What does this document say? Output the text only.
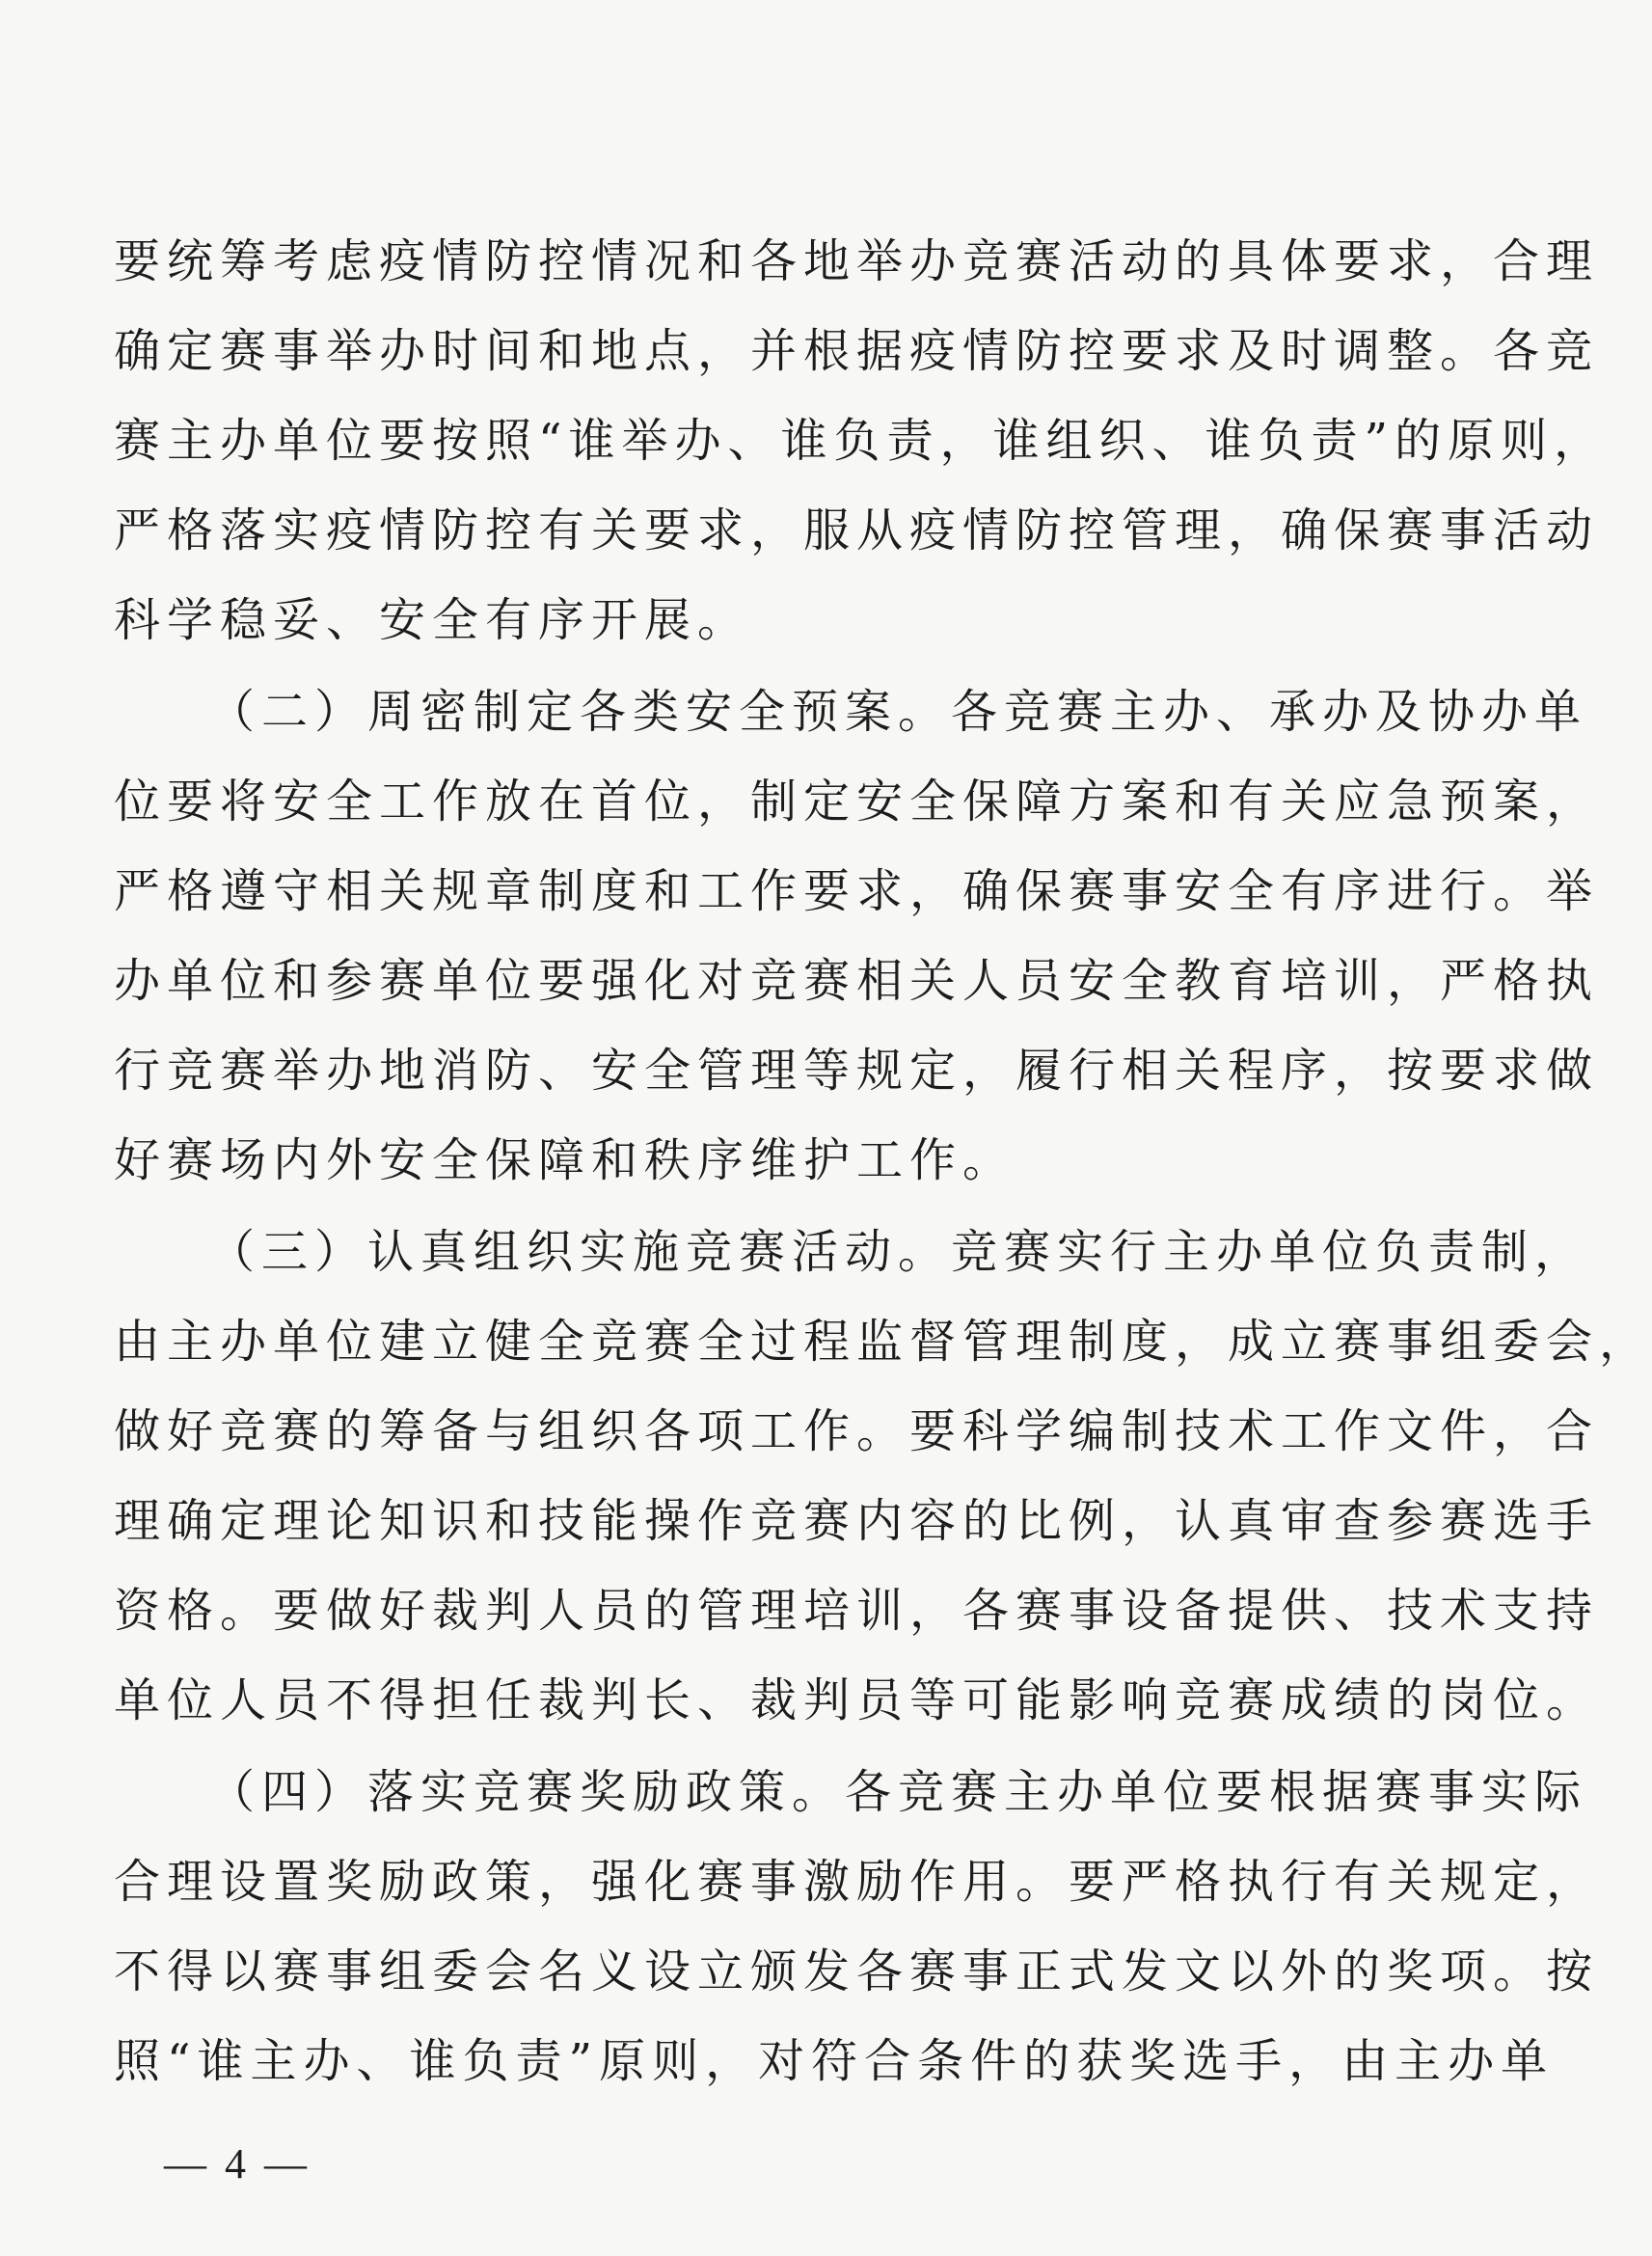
要统筹考虑疫情防控情况和各地举办竞赛活动的具体要求，合理
确定赛事举办时间和地点，并根据疫情防控要求及时调整。各竞
赛主办单位要按照“谁举办、谁负责，谁组织、谁负责”的原则，
严格落实疫情防控有关要求，服从疫情防控管理，确保赛事活动
科学稳妥、安全有序开展。
（二）周密制定各类安全预案。各竞赛主办、承办及协办单
位要将安全工作放在首位，制定安全保障方案和有关应急预案，
严格遵守相关规章制度和工作要求，确保赛事安全有序进行。举
办单位和参赛单位要强化对竞赛相关人员安全教育培训，严格执
行竞赛举办地消防、安全管理等规定，履行相关程序，按要求做
好赛场内外安全保障和秩序维护工作。
（三）认真组织实施竞赛活动。竞赛实行主办单位负责制，
由主办单位建立健全竞赛全过程监督管理制度，成立赛事组委会，
做好竞赛的筹备与组织各项工作。要科学编制技术工作文件，合
理确定理论知识和技能操作竞赛内容的比例，认真审查参赛选手
资格。要做好裁判人员的管理培训，各赛事设备提供、技术支持
单位人员不得担任裁判长、裁判员等可能影响竞赛成绩的岗位。
（四）落实竞赛奖励政策。各竞赛主办单位要根据赛事实际
合理设置奖励政策，强化赛事激励作用。要严格执行有关规定，
不得以赛事组委会名义设立颁发各赛事正式发文以外的奖项。按
照“谁主办、谁负责”原则，对符合条件的获奖选手，由主办单
— 4 —
